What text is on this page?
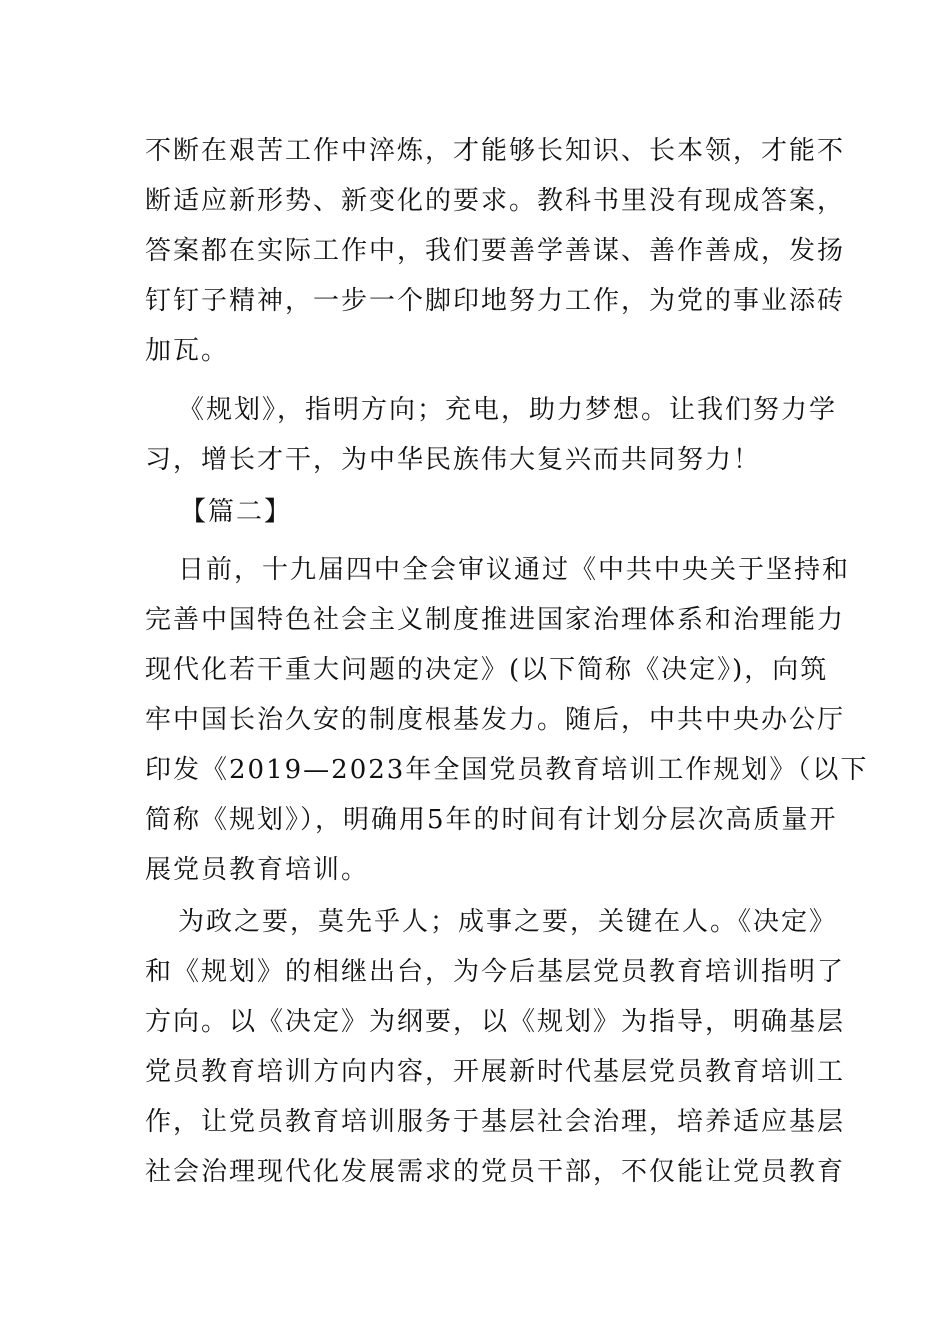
不断在艰苦工作中淬炼，才能够长知识、长本领，才能不
断适应新形势、新变化的要求。教科书里没有现成答案，
答案都在实际工作中，我们要善学善谋、善作善成，发扬
钉钉子精神，一步一个脚印地努力工作，为党的事业添砖
加瓦。
《规划》，指明方向；充电，助力梦想。让我们努力学
习，增长才干，为中华民族伟大复兴而共同努力！
【篇二】
日前，十九届四中全会审议通过《中共中央关于坚持和
完善中国特色社会主义制度推进国家治理体系和治理能力
现代化若干重大问题的决定》(以下简称《决定》)，向筑
牢中国长治久安的制度根基发力。随后，中共中央办公厅
印发《2019—2023年全国党员教育培训工作规划》（以下
简称《规划》），明确用5年的时间有计划分层次高质量开
展党员教育培训。
为政之要，莫先乎人；成事之要，关键在人。《决定》
和《规划》的相继出台，为今后基层党员教育培训指明了
方向。以《决定》为纲要，以《规划》为指导，明确基层
党员教育培训方向内容，开展新时代基层党员教育培训工
作，让党员教育培训服务于基层社会治理，培养适应基层
社会治理现代化发展需求的党员干部，不仅能让党员教育
